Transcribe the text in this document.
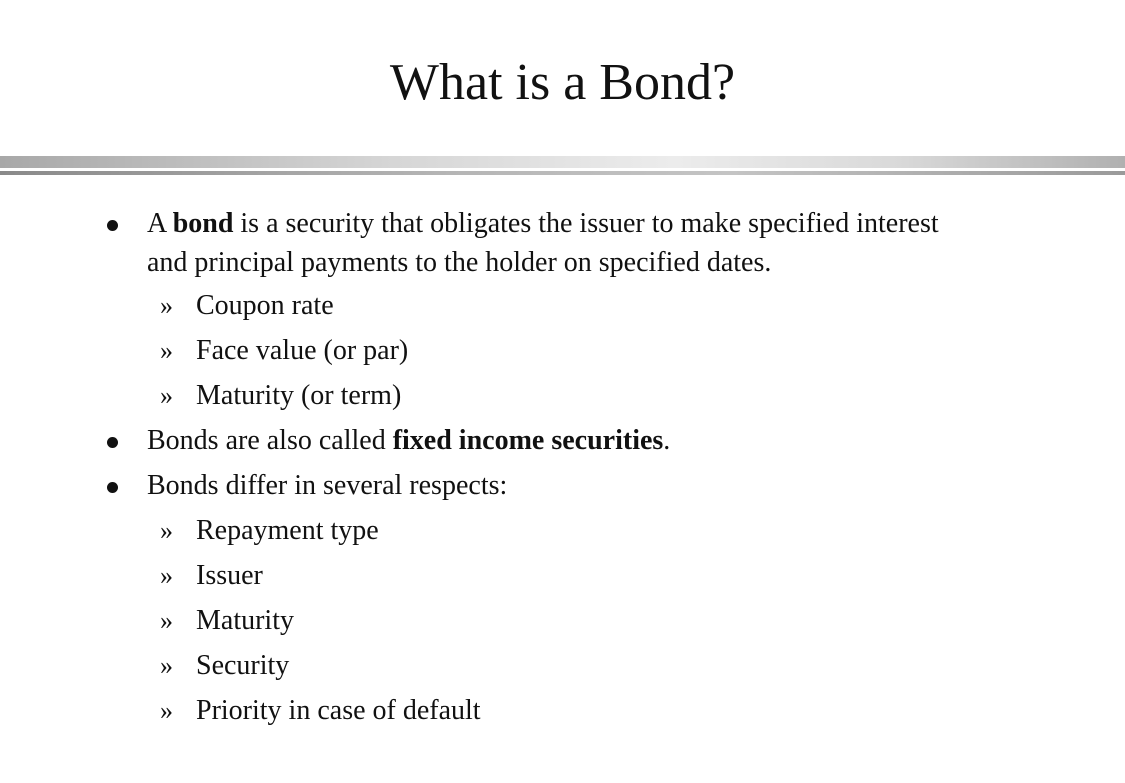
What is a Bond?
A bond is a security that obligates the issuer to make specified interest
and principal payments to the holder on specified dates.
» Coupon rate
» Face value (or par)
» Maturity (or term)
Bonds are also called fixed income securities.
Bonds differ in several respects:
» Repayment type
» Issuer
» Maturity
» Security
» Priority in case of default
